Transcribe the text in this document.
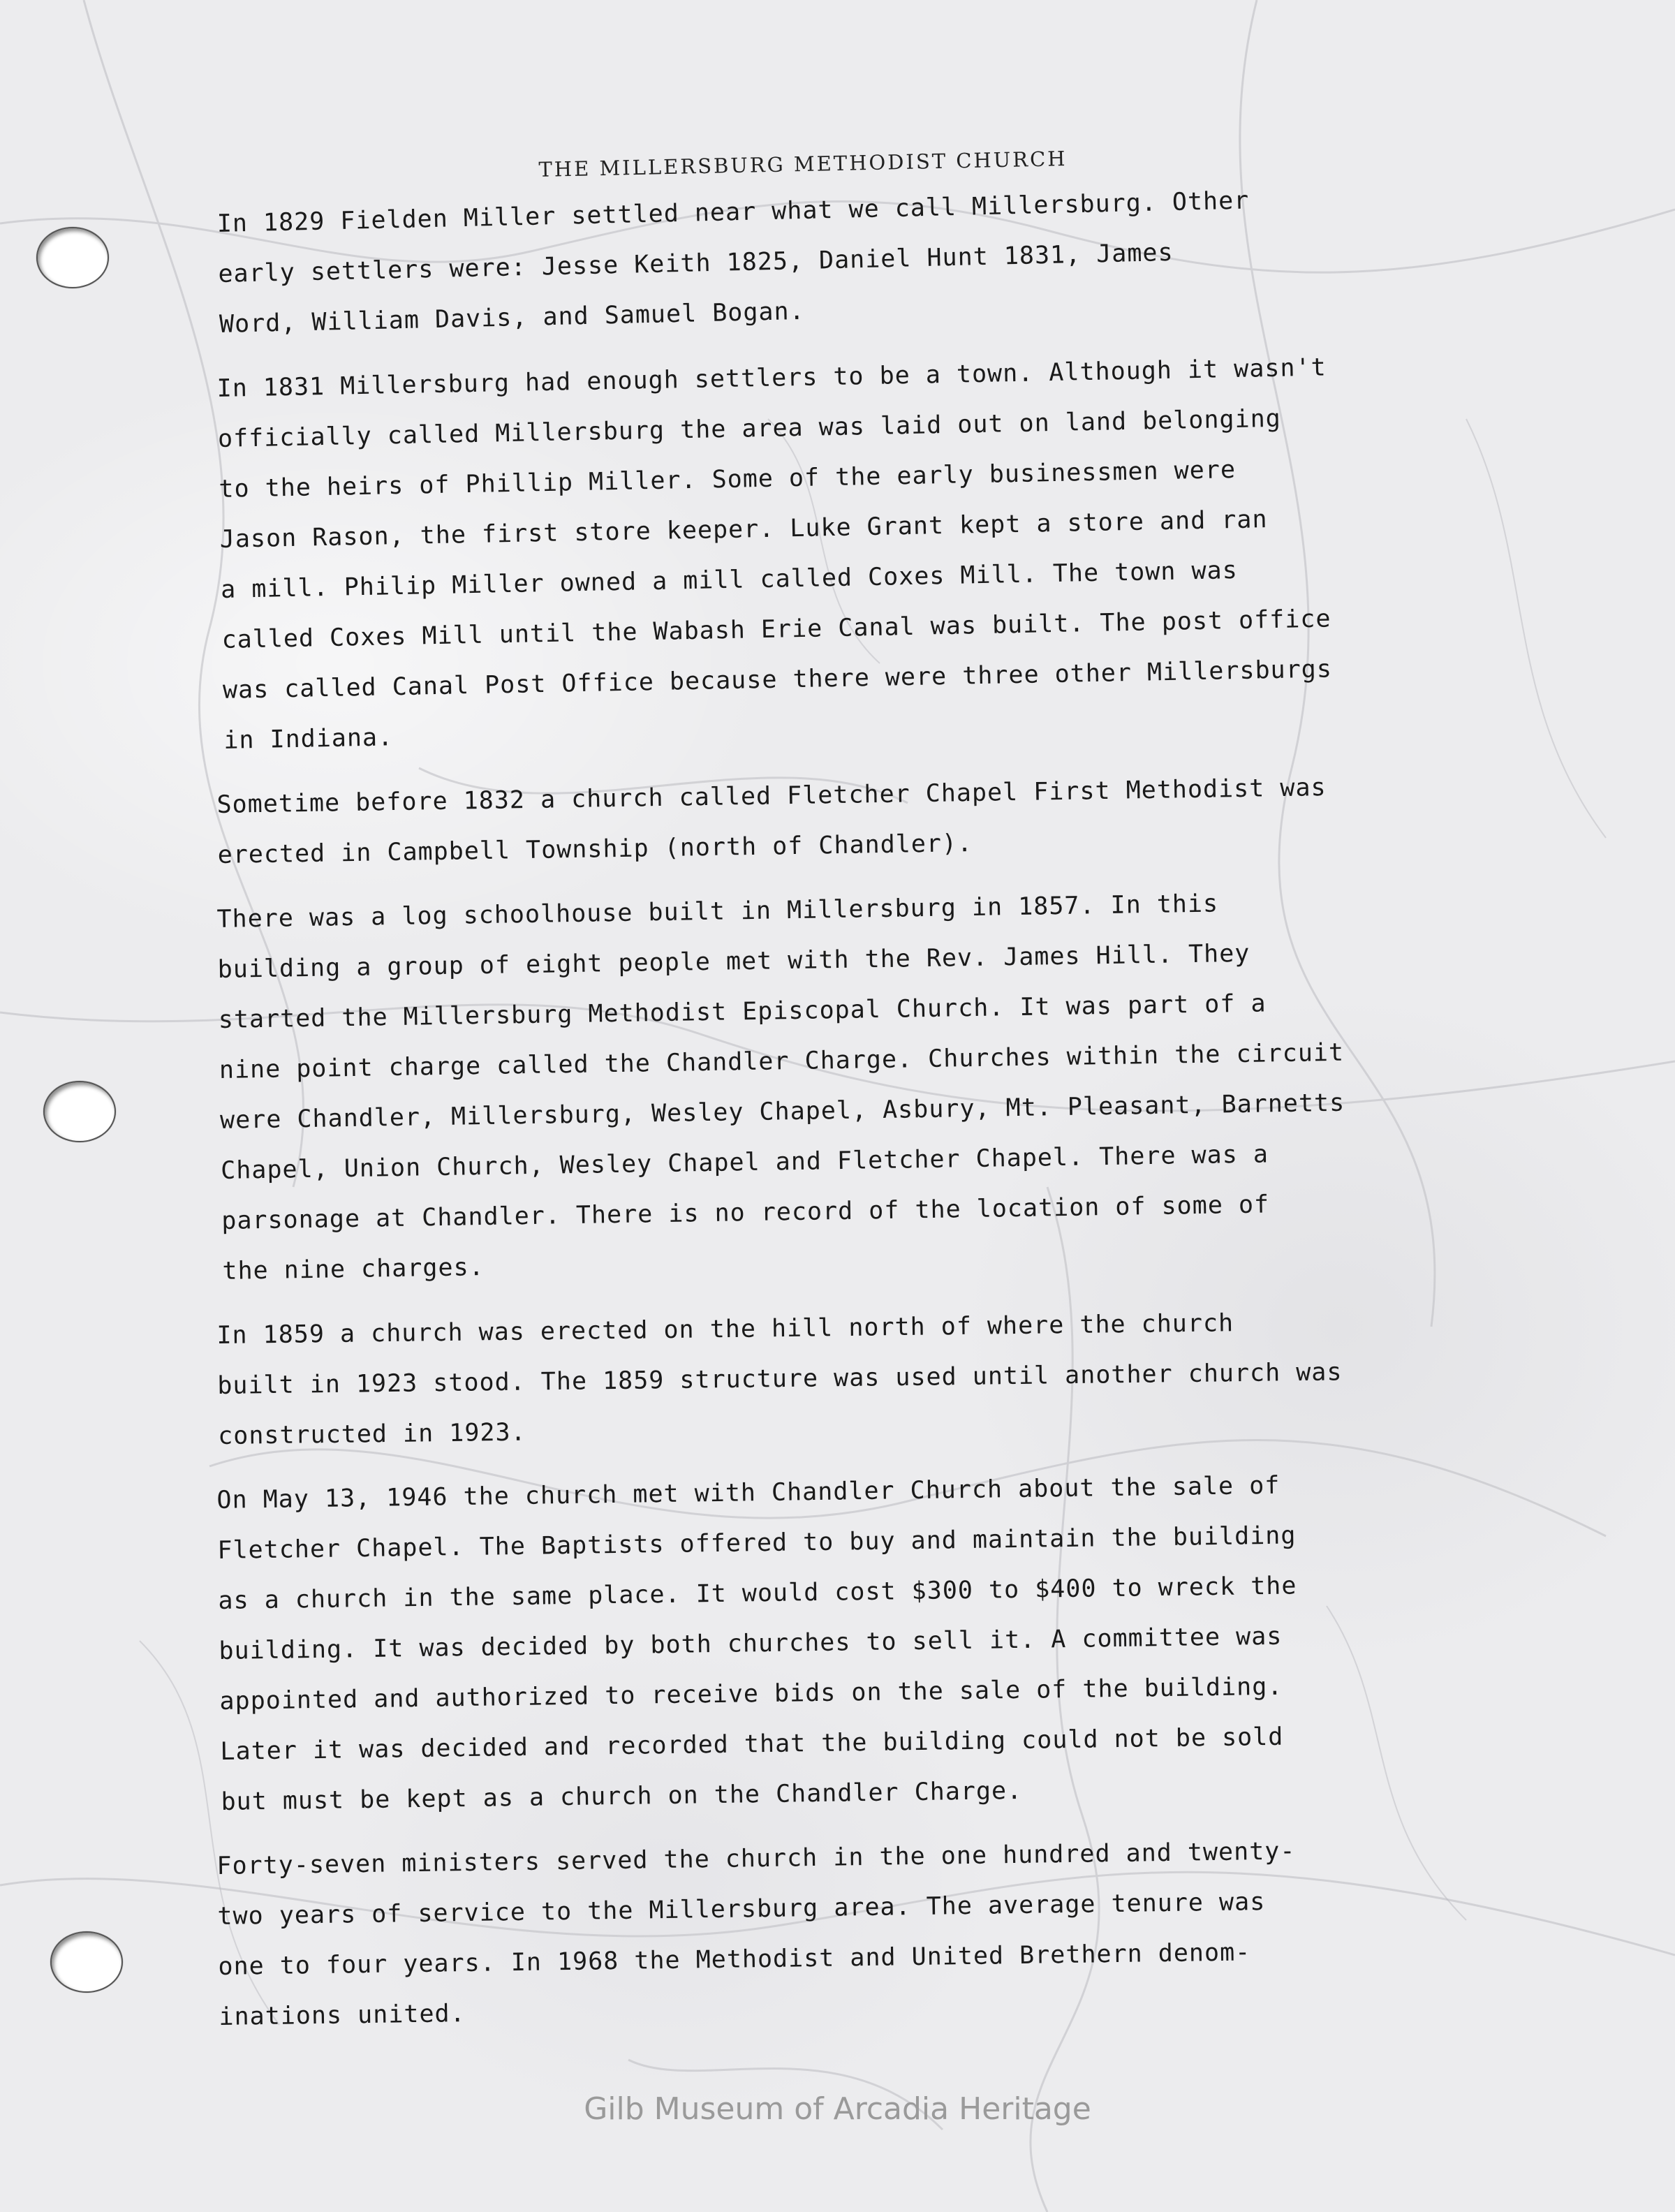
THE MILLERSBURG METHODIST CHURCH
In 1829 Fielden Miller settled near what we call Millersburg. Other
early settlers were: Jesse Keith 1825, Daniel Hunt 1831, James
Word, William Davis, and Samuel Bogan.
In 1831 Millersburg had enough settlers to be a town. Although it wasn't
officially called Millersburg the area was laid out on land belonging
to the heirs of Phillip Miller. Some of the early businessmen were
Jason Rason, the first store keeper. Luke Grant kept a store and ran
a mill. Philip Miller owned a mill called Coxes Mill. The town was
called Coxes Mill until the Wabash Erie Canal was built. The post office
was called Canal Post Office because there were three other Millersburgs
in Indiana.
Sometime before 1832 a church called Fletcher Chapel First Methodist was
erected in Campbell Township (north of Chandler).
There was a log schoolhouse built in Millersburg in 1857. In this
building a group of eight people met with the Rev. James Hill. They
started the Millersburg Methodist Episcopal Church. It was part of a
nine point charge called the Chandler Charge. Churches within the circuit
were Chandler, Millersburg, Wesley Chapel, Asbury, Mt. Pleasant, Barnetts
Chapel, Union Church, Wesley Chapel and Fletcher Chapel. There was a
parsonage at Chandler. There is no record of the location of some of
the nine charges.
In 1859 a church was erected on the hill north of where the church
built in 1923 stood. The 1859 structure was used until another church was
constructed in 1923.
On May 13, 1946 the church met with Chandler Church about the sale of
Fletcher Chapel. The Baptists offered to buy and maintain the building
as a church in the same place. It would cost $300 to $400 to wreck the
building. It was decided by both churches to sell it. A committee was
appointed and authorized to receive bids on the sale of the building.
Later it was decided and recorded that the building could not be sold
but must be kept as a church on the Chandler Charge.
Forty-seven ministers served the church in the one hundred and twenty-
two years of service to the Millersburg area. The average tenure was
one to four years. In 1968 the Methodist and United Brethern denom-
inations united.
Gilb Museum of Arcadia Heritage
